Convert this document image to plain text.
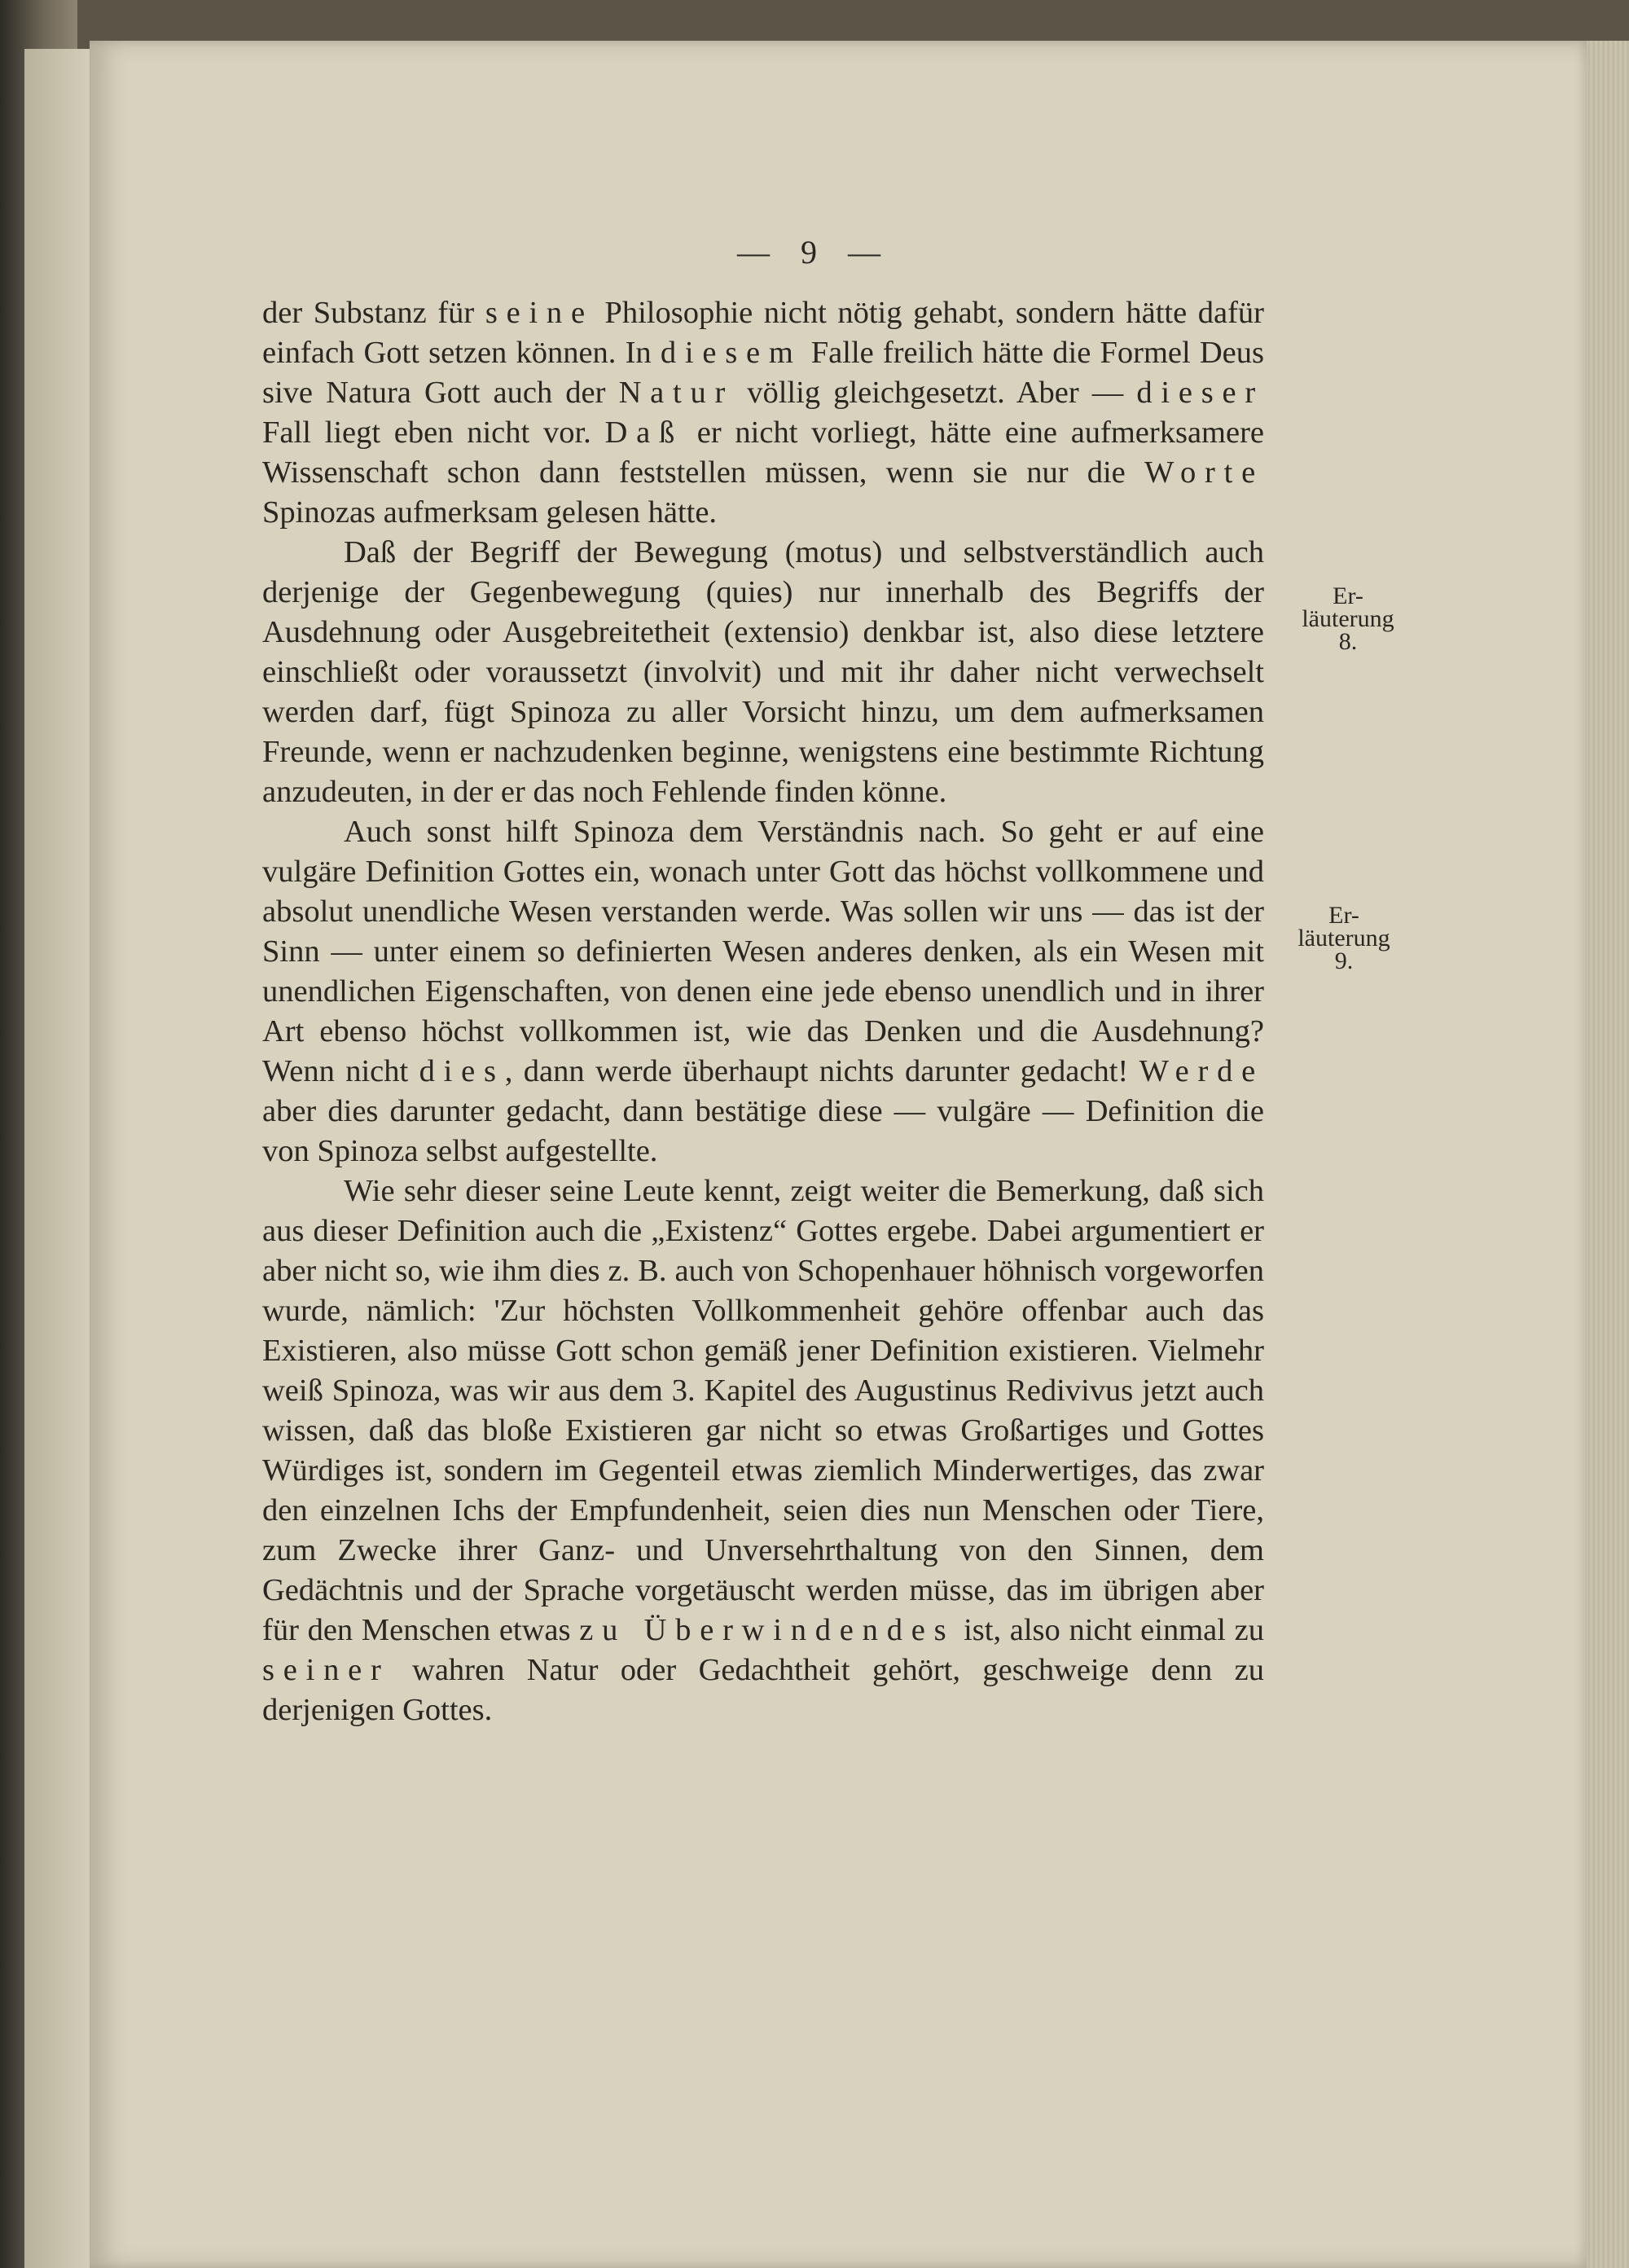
— 9 —

der Substanz für seine Philosophie nicht nötig gehabt, sondern hätte dafür einfach Gott setzen können. In diesem Falle freilich hätte die Formel Deus sive Natura Gott auch der Natur völlig gleichgesetzt. Aber — dieser Fall liegt eben nicht vor. Daß er nicht vorliegt, hätte eine aufmerksamere Wissenschaft schon dann feststellen müssen, wenn sie nur die Worte Spinozas aufmerksam gelesen hätte.

Daß der Begriff der Bewegung (motus) und selbstverständlich auch derjenige der Gegenbewegung (quies) nur innerhalb des Begriffs der Ausdehnung oder Ausgebreitetheit (extensio) denkbar ist, also diese letztere einschließt oder voraussetzt (involvit) und mit ihr daher nicht verwechselt werden darf, fügt Spinoza zu aller Vorsicht hinzu, um dem aufmerksamen Freunde, wenn er nachzudenken beginne, wenigstens eine bestimmte Richtung anzudeuten, in der er das noch Fehlende finden könne.

Auch sonst hilft Spinoza dem Verständnis nach. So geht er auf eine vulgäre Definition Gottes ein, wonach unter Gott das höchst vollkommene und absolut unendliche Wesen verstanden werde. Was sollen wir uns — das ist der Sinn — unter einem so definierten Wesen anderes denken, als ein Wesen mit unendlichen Eigenschaften, von denen eine jede ebenso unendlich und in ihrer Art ebenso höchst vollkommen ist, wie das Denken und die Ausdehnung? Wenn nicht dies, dann werde überhaupt nichts darunter gedacht! Werde aber dies darunter gedacht, dann bestätige diese — vulgäre — Definition die von Spinoza selbst aufgestellte.

Wie sehr dieser seine Leute kennt, zeigt weiter die Bemerkung, daß sich aus dieser Definition auch die „Existenz“ Gottes ergebe. Dabei argumentiert er aber nicht so, wie ihm dies z. B. auch von Schopenhauer höhnisch vorgeworfen wurde, nämlich: 'Zur höchsten Vollkommenheit gehöre offenbar auch das Existieren, also müsse Gott schon gemäß jener Definition existieren. Vielmehr weiß Spinoza, was wir aus dem 3. Kapitel des Augustinus Redivivus jetzt auch wissen, daß das bloße Existieren gar nicht so etwas Großartiges und Gottes Würdiges ist, sondern im Gegenteil etwas ziemlich Minderwertiges, das zwar den einzelnen Ichs der Empfundenheit, seien dies nun Menschen oder Tiere, zum Zwecke ihrer Ganz- und Unversehrthaltung von den Sinnen, dem Gedächtnis und der Sprache vorgetäuscht werden müsse, das im übrigen aber für den Menschen etwas zu Überwindendes ist, also nicht einmal zu seiner wahren Natur oder Gedachtheit gehört, geschweige denn zu derjenigen Gottes.

Er-
läuterung
8.
Er-
läuterung
9.
